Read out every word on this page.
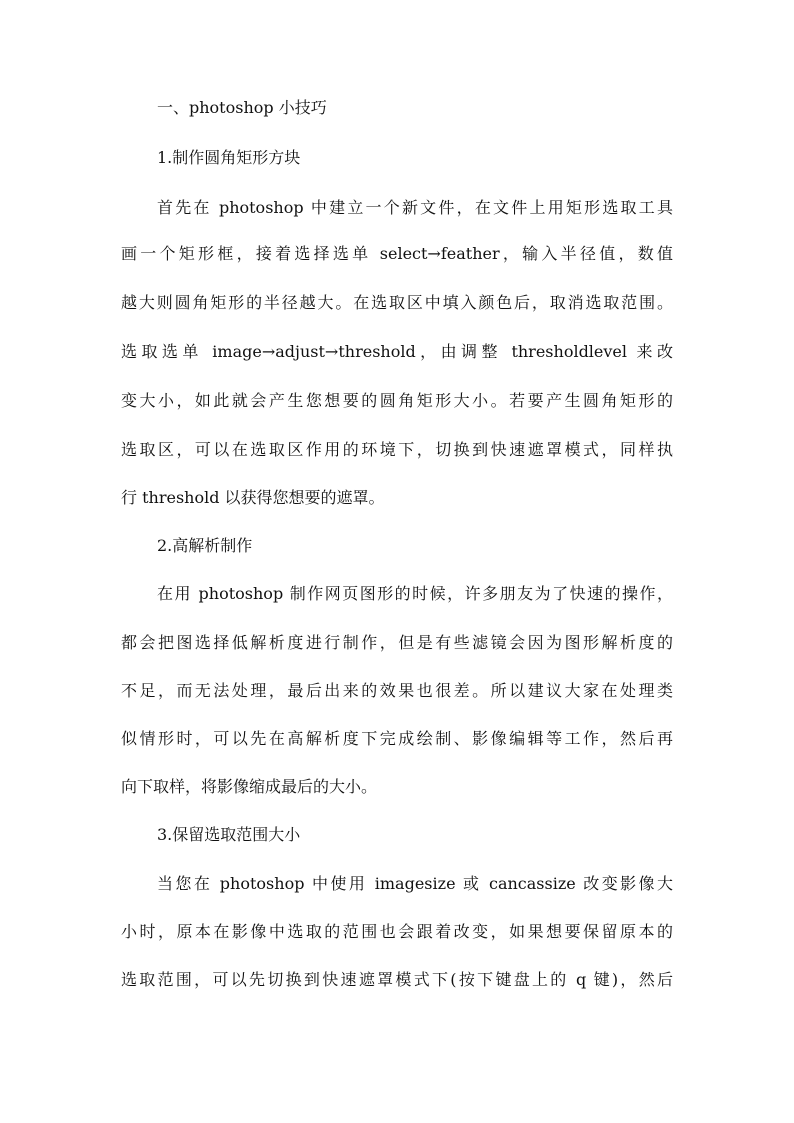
一、photoshop 小技巧
1.制作圆角矩形方块
首先在 photoshop 中建立一个新文件，在文件上用矩形选取工具
画一个矩形框，接着选择选单 select→feather，输入半径值，数值
越大则圆角矩形的半径越大。在选取区中填入颜色后，取消选取范围。
选取选单 image→adjust→threshold，由调整 thresholdlevel 来改
变大小，如此就会产生您想要的圆角矩形大小。若要产生圆角矩形的
选取区，可以在选取区作用的环境下，切换到快速遮罩模式，同样执
行 threshold 以获得您想要的遮罩。
2.高解析制作
在用 photoshop 制作网页图形的时候，许多朋友为了快速的操作，
都会把图选择低解析度进行制作，但是有些滤镜会因为图形解析度的
不足，而无法处理，最后出来的效果也很差。所以建议大家在处理类
似情形时，可以先在高解析度下完成绘制、影像编辑等工作，然后再
向下取样，将影像缩成最后的大小。
3.保留选取范围大小
当您在 photoshop 中使用 imagesize 或 cancassize 改变影像大
小时，原本在影像中选取的范围也会跟着改变，如果想要保留原本的
选取范围，可以先切换到快速遮罩模式下(按下键盘上的 q 键)，然后
